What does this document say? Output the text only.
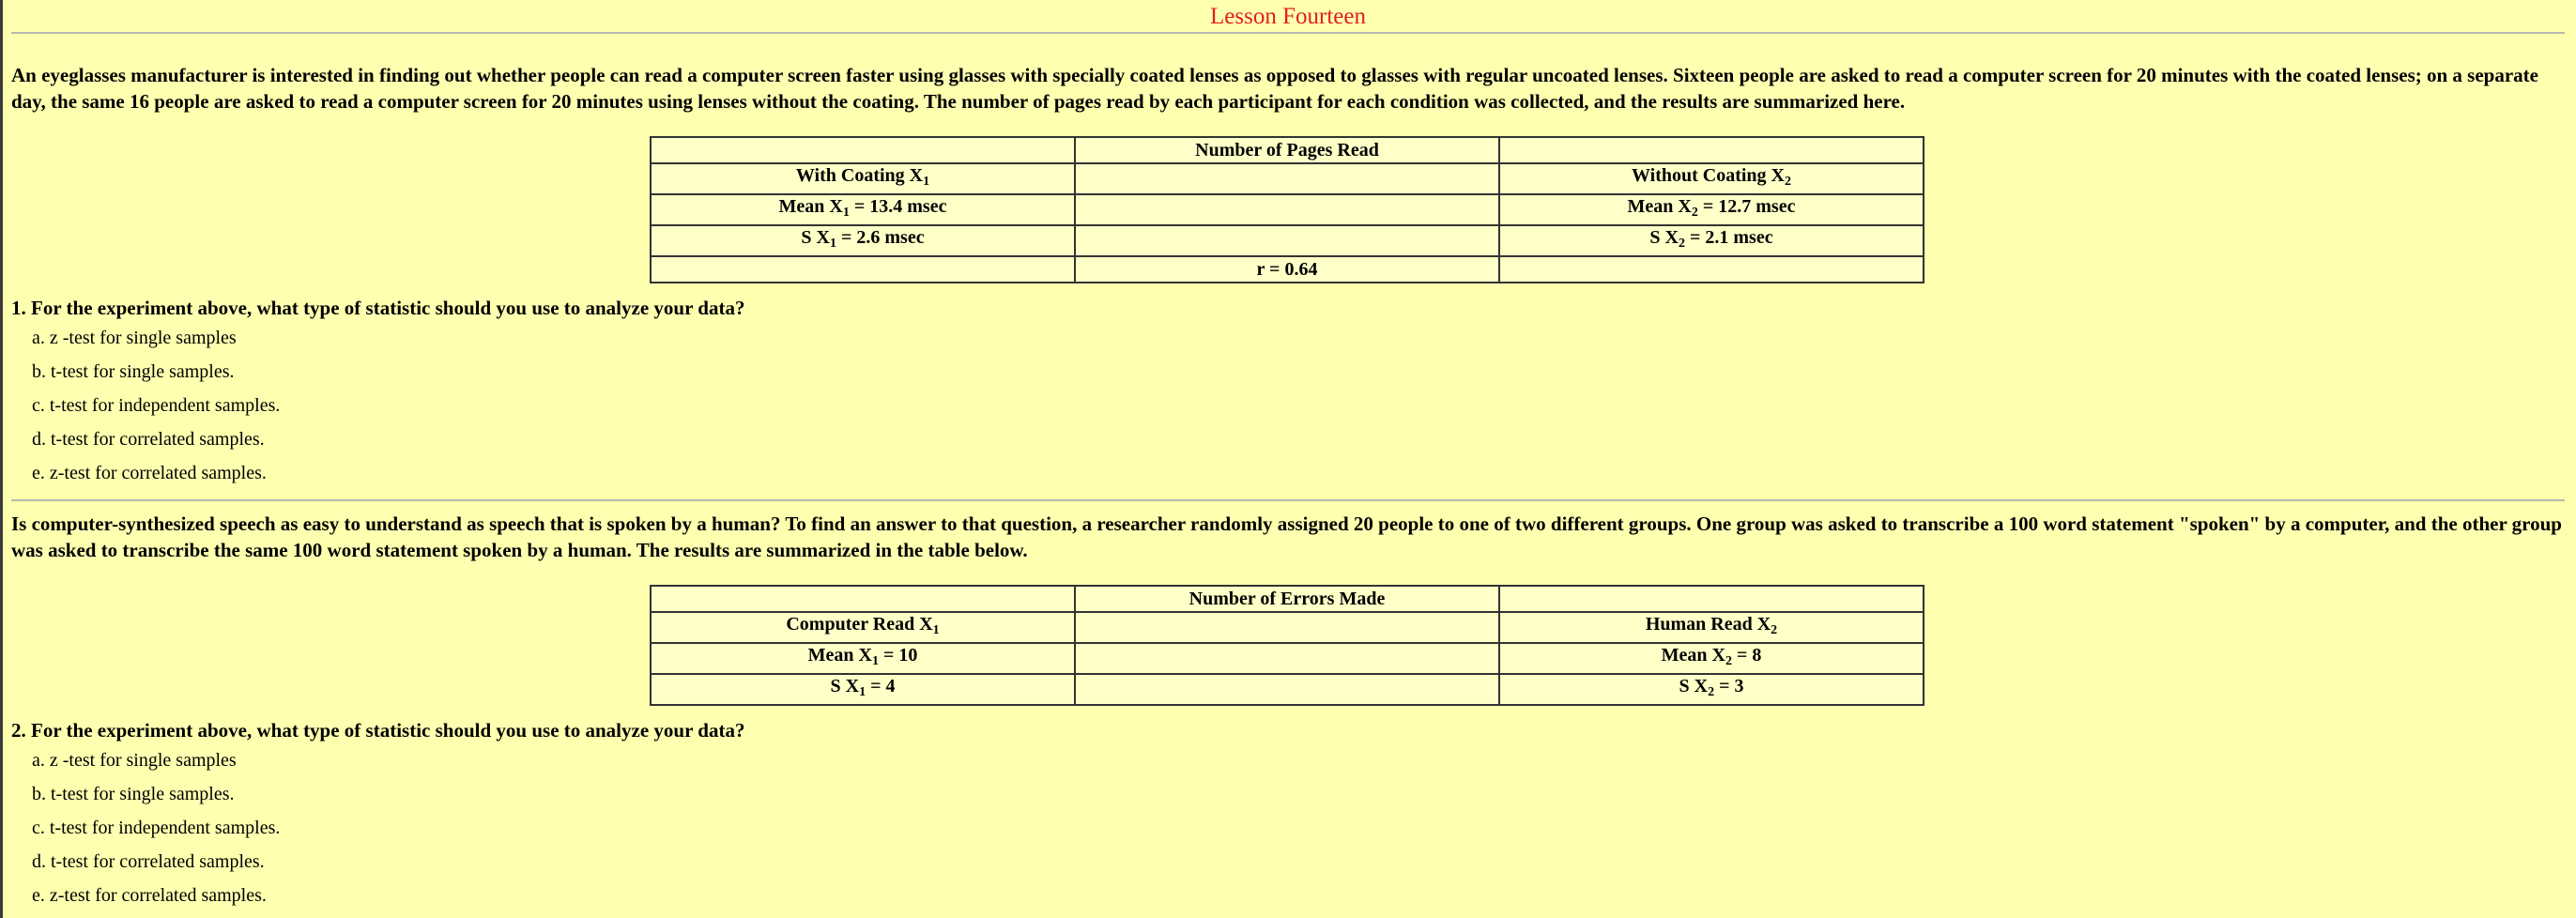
Lesson Fourteen

An eyeglasses manufacturer is interested in finding out whether people can read a computer screen faster using glasses with specially coated lenses as opposed to glasses with regular uncoated lenses. Sixteen people are asked to read a computer screen for 20 minutes with the coated lenses; on a separate day, the same 16 people are asked to read a computer screen for 20 minutes using lenses without the coating. The number of pages read by each participant for each condition was collected, and the results are summarized here.

	Number of Pages Read	
With Coating $X_1$		Without Coating $X_2$
Mean $X_1 = 13.4$ msec		Mean $X_2 = 12.7$ msec
S $X_1 = 2.6$ msec		S $X_2 = 2.1$ msec
	r = 0.64	

1. For the experiment above, what type of statistic should you use to analyze your data?

a. z -test for single samples
b. t-test for single samples.
c. t-test for independent samples.
d. t-test for correlated samples.
e. z-test for correlated samples.

Is computer-synthesized speech as easy to understand as speech that is spoken by a human? To find an answer to that question, a researcher randomly assigned 20 people to one of two different groups. One group was asked to transcribe a 100 word statement "spoken" by a computer, and the other group was asked to transcribe the same 100 word statement spoken by a human. The results are summarized in the table below.

	Number of Errors Made	
Computer Read $X_1$		Human Read $X_2$
Mean $X_1 = 10$		Mean $X_2 = 8$
S $X_1 = 4$		S $X_2 = 3$

2. For the experiment above, what type of statistic should you use to analyze your data?

a. z -test for single samples
b. t-test for single samples.
c. t-test for independent samples.
d. t-test for correlated samples.
e. z-test for correlated samples.
